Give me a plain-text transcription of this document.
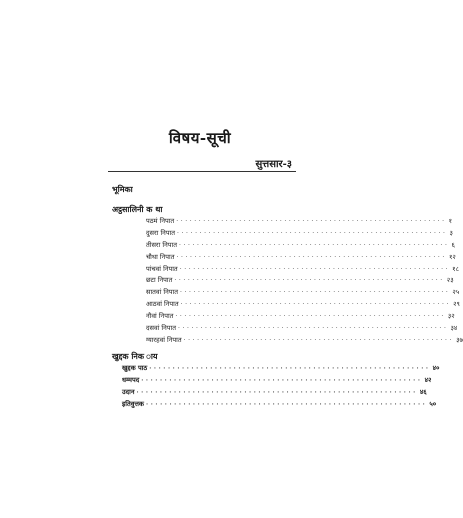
विषय-सूची
सुत्तसार-३
भूमिका
अट्ठसालिनी क था
पठमं निपात ···························································· १
दुसरा निपात ···························································· ३
तीसरा निपात ···························································· ६
चौथा निपात ···························································· १२
पांचवां निपात ···························································· १८
छटा निपात ···························································· २३
सातवां निपात ···························································· २५
आठवां निपात ···························································· २९
नौवां निपात ···························································· ३२
दसवां निपात ···························································· ३४
ग्यारहवां निपात ···························································· ३७
खुद्दक निक ाय
खुद्दक पाठ ···························································· ४०
धम्मपद ···························································· ४२
उदान ···························································· ४६
इतिवुत्तक ···························································· ५०
